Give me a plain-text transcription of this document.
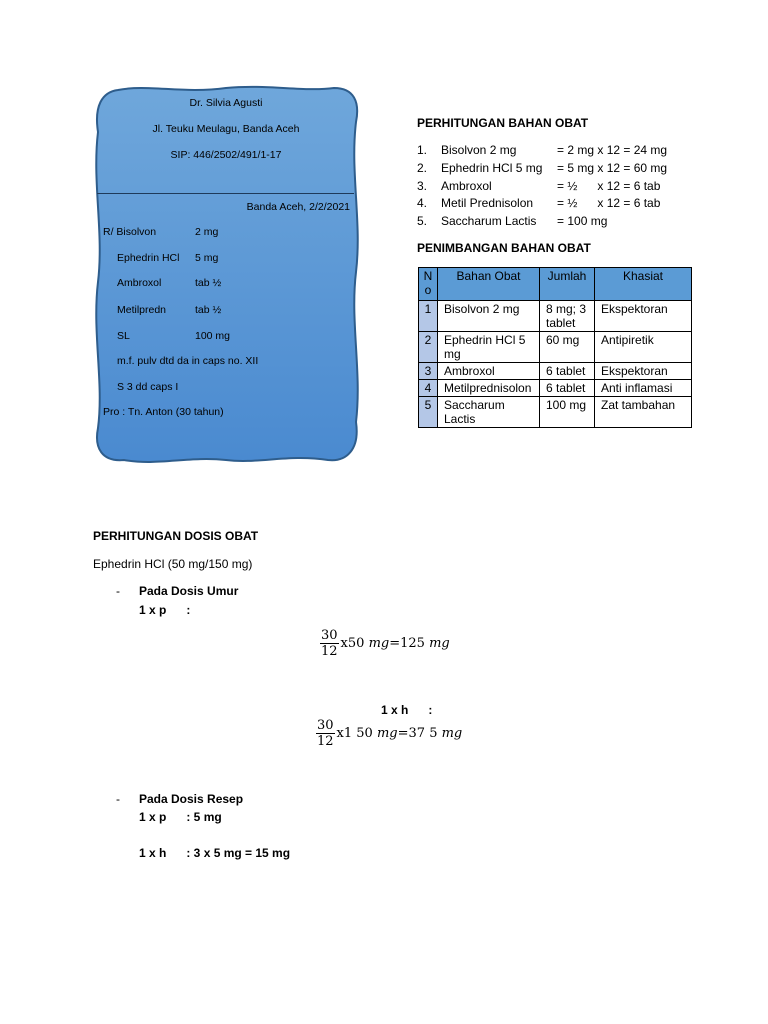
Dr. Silvia Agusti
Jl. Teuku Meulagu, Banda Aceh
SIP: 446/2502/491/1-17
Banda Aceh, 2/2/2021
R/ Bisolvon	2 mg
Ephedrin HCl 5 mg
Ambroxol	tab ½
Metilpredn	tab ½
SL	100 mg
m.f. pulv dtd da in caps no. XII
S 3 dd caps I
Pro : Tn. Anton (30 tahun)
PERHITUNGAN BAHAN OBAT
1. Bisolvon 2 mg	= 2 mg x 12 = 24 mg
2. Ephedrin HCl 5 mg = 5 mg x 12 = 60 mg
3. Ambroxol	= ½      x 12 = 6 tab
4. Metil Prednisolon = ½      x 12 = 6 tab
5. Saccharum Lactis = 100 mg
PENIMBANGAN BAHAN OBAT
N o	Bahan Obat	Jumlah	Khasiat
1	Bisolvon 2 mg	8 mg; 3 tablet	Ekspektoran
2	Ephedrin HCl 5 mg	60 mg	Antipiretik
3	Ambroxol	6 tablet	Ekspektoran
4	Metilprednisolon	6 tablet	Anti inflamasi
5	Saccharum Lactis	100 mg	Zat tambahan
PERHITUNGAN DOSIS OBAT
Ephedrin HCl (50 mg/150 mg)
- Pada Dosis Umur
1 x p      :
$\frac{30}{12} x50$ mg=125 mg
1 x h      :
$\frac{30}{12} x1$ 50 mg=37 5 mg
- Pada Dosis Resep
1 x p      : 5 mg
1 x h      : 3 x 5 mg = 15 mg
